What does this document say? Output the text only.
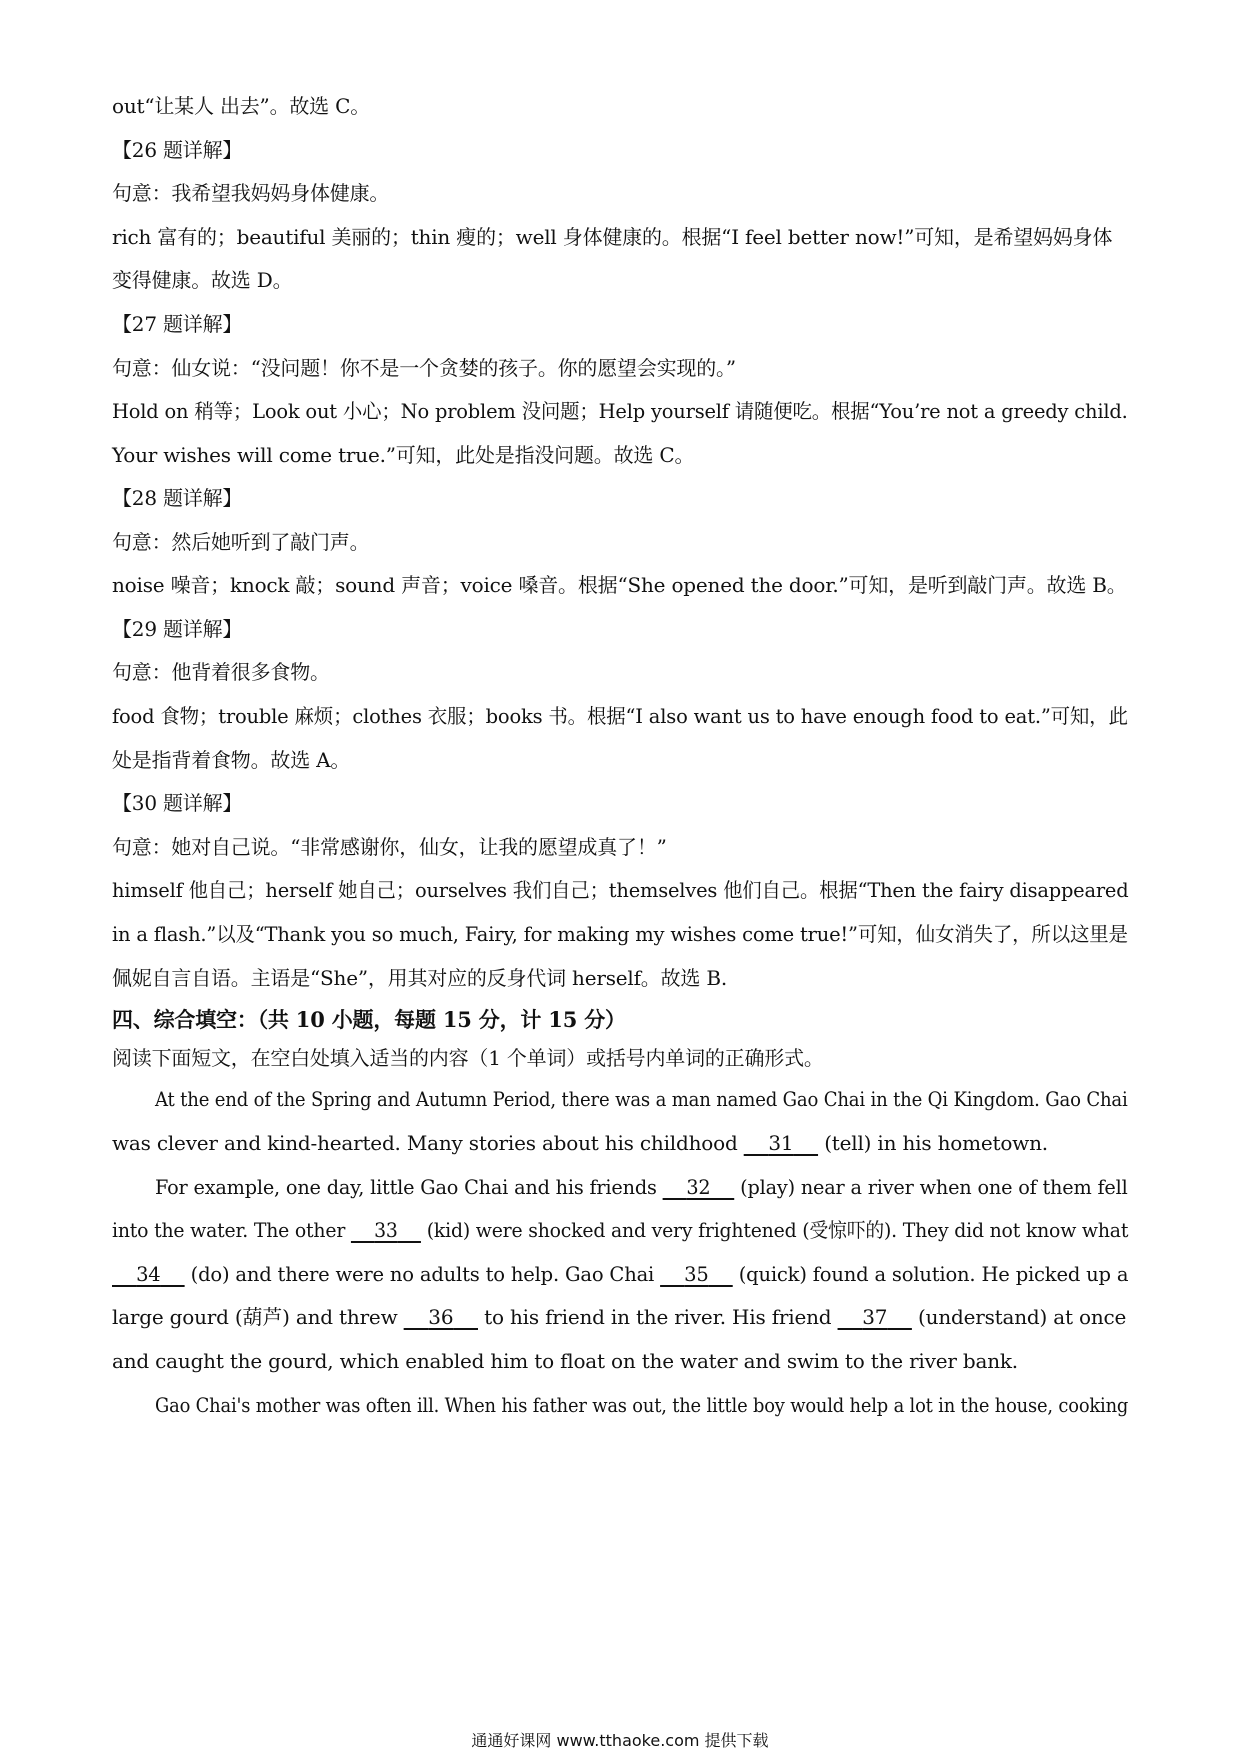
out“让某人 出去”。故选 C。
【26 题详解】
句意：我希望我妈妈身体健康。
rich 富有的；beautiful 美丽的；thin 瘦的；well 身体健康的。根据“I feel better now!”可知，是希望妈妈身体
变得健康。故选 D。
【27 题详解】
句意：仙女说：“没问题！你不是一个贪婪的孩子。你的愿望会实现的。”
Hold on 稍等；Look out 小心；No problem 没问题；Help yourself 请随便吃。根据“You’re not a greedy child.
Your wishes will come true.”可知，此处是指没问题。故选 C。
【28 题详解】
句意：然后她听到了敲门声。
noise 噪音；knock 敲；sound 声音；voice 嗓音。根据“She opened the door.”可知，是听到敲门声。故选 B。
【29 题详解】
句意：他背着很多食物。
food 食物；trouble 麻烦；clothes 衣服；books 书。根据“I also want us to have enough food to eat.”可知，此
处是指背着食物。故选 A。
【30 题详解】
句意：她对自己说。“非常感谢你，仙女，让我的愿望成真了！”
himself 他自己；herself 她自己；ourselves 我们自己；themselves 他们自己。根据“Then the fairy disappeared
in a flash.”以及“Thank you so much, Fairy, for making my wishes come true!”可知，仙女消失了，所以这里是
佩妮自言自语。主语是“She”，用其对应的反身代词 herself。故选 B.
四、综合填空：（共 10 小题，每题 15 分，计 15 分）
阅读下面短文，在空白处填入适当的内容（1 个单词）或括号内单词的正确形式。
At the end of the Spring and Autumn Period, there was a man named Gao Chai in the Qi Kingdom. Gao Chai
was clever and kind-hearted. Many stories about his childhood     31     (tell) in his hometown.
For example, one day, little Gao Chai and his friends     32     (play) near a river when one of them fell
into the water. The other     33     (kid) were shocked and very frightened (受惊吓的). They did not know what
34     (do) and there were no adults to help. Gao Chai     35     (quick) found a solution. He picked up a
large gourd (葫芦) and threw     36     to his friend in the river. His friend     37     (understand) at once
and caught the gourd, which enabled him to float on the water and swim to the river bank.
Gao Chai's mother was often ill. When his father was out, the little boy would help a lot in the house, cooking
通通好课网 www.tthaoke.com 提供下载
